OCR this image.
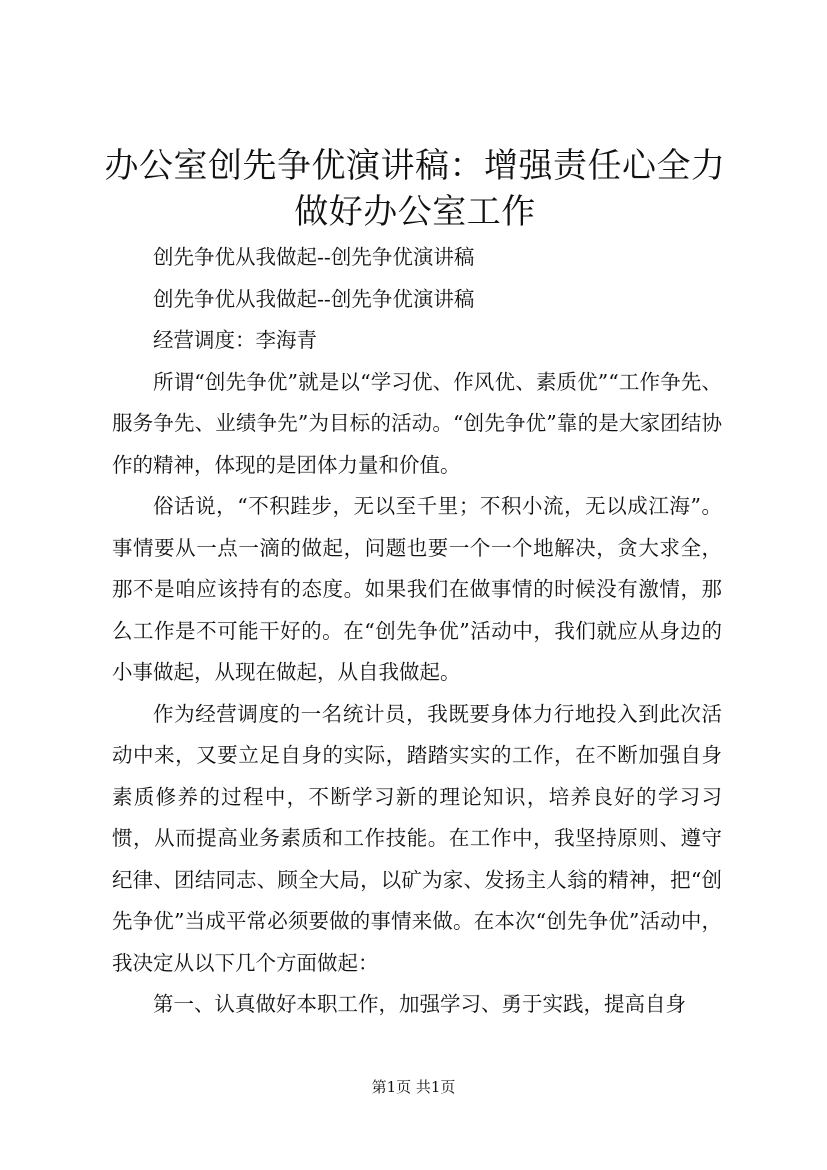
办公室创先争优演讲稿：增强责任心全力做好办公室工作

创先争优从我做起--创先争优演讲稿

创先争优从我做起--创先争优演讲稿

经营调度：李海青

所谓“创先争优”就是以“学习优、作风优、素质优”“工作争先、服务争先、业绩争先”为目标的活动。“创先争优”靠的是大家团结协作的精神，体现的是团体力量和价值。

俗话说，“不积跬步，无以至千里；不积小流，无以成江海”。事情要从一点一滴的做起，问题也要一个一个地解决，贪大求全，那不是咱应该持有的态度。如果我们在做事情的时候没有激情，那么工作是不可能干好的。在“创先争优”活动中，我们就应从身边的小事做起，从现在做起，从自我做起。

作为经营调度的一名统计员，我既要身体力行地投入到此次活动中来，又要立足自身的实际，踏踏实实的工作，在不断加强自身素质修养的过程中，不断学习新的理论知识，培养良好的学习习惯，从而提高业务素质和工作技能。在工作中，我坚持原则、遵守纪律、团结同志、顾全大局，以矿为家、发扬主人翁的精神，把“创先争优”当成平常必须要做的事情来做。在本次“创先争优”活动中，我决定从以下几个方面做起：

第一、认真做好本职工作，加强学习、勇于实践，提高自身

第1页 共1页
